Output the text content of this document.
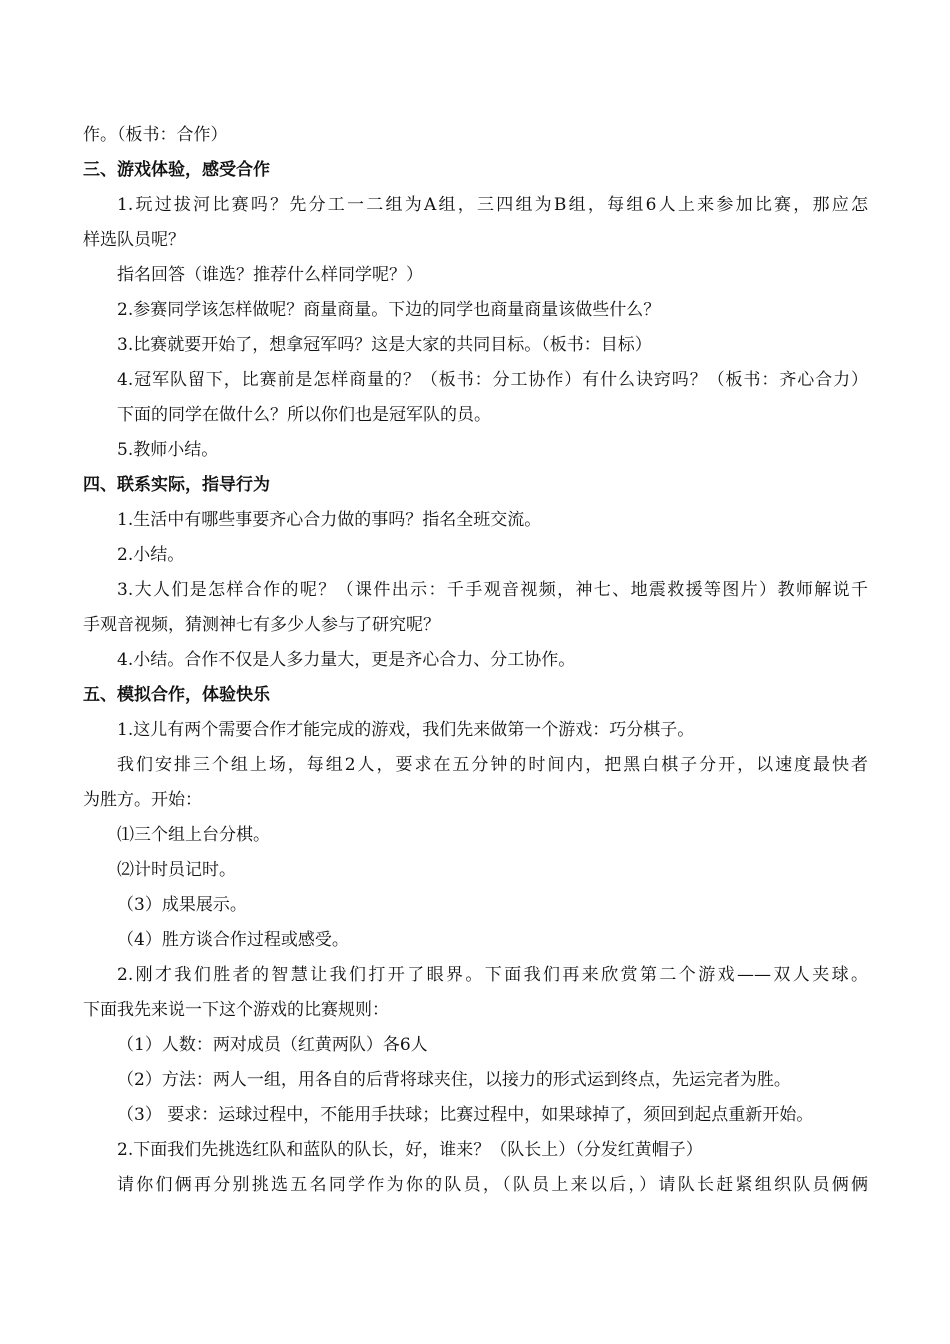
作。（板书：合作）
三、游戏体验，感受合作
1.玩过拔河比赛吗？先分工一二组为A组，三四组为B组，每组6人上来参加比赛，那应怎
样选队员呢？
指名回答（谁选？推荐什么样同学呢？）
2.参赛同学该怎样做呢？商量商量。下边的同学也商量商量该做些什么？
3.比赛就要开始了，想拿冠军吗？这是大家的共同目标。（板书：目标）
4.冠军队留下，比赛前是怎样商量的？（板书：分工协作）有什么诀窍吗？（板书：齐心合力）
下面的同学在做什么？所以你们也是冠军队的员。
5.教师小结。
四、联系实际，指导行为
1.生活中有哪些事要齐心合力做的事吗？指名全班交流。
2.小结。
3.大人们是怎样合作的呢？（课件出示：千手观音视频，神七、地震救援等图片）教师解说千
手观音视频，猜测神七有多少人参与了研究呢？
4.小结。合作不仅是人多力量大，更是齐心合力、分工协作。
五、模拟合作，体验快乐
1.这儿有两个需要合作才能完成的游戏，我们先来做第一个游戏：巧分棋子。
我们安排三个组上场，每组2人，要求在五分钟的时间内，把黑白棋子分开，以速度最快者
为胜方。开始：
⑴三个组上台分棋。
⑵计时员记时。
（3）成果展示。
（4）胜方谈合作过程或感受。
2.刚才我们胜者的智慧让我们打开了眼界。下面我们再来欣赏第二个游戏——双人夹球。
下面我先来说一下这个游戏的比赛规则：
（1）人数：两对成员（红黄两队）各6人
（2）方法：两人一组，用各自的后背将球夹住，以接力的形式运到终点，先运完者为胜。
（3） 要求：运球过程中，不能用手扶球；比赛过程中，如果球掉了，须回到起点重新开始。
2.下面我们先挑选红队和蓝队的队长，好，谁来？（队长上）（分发红黄帽子）
请你们俩再分别挑选五名同学作为你的队员，（队员上来以后，）请队长赶紧组织队员俩俩
